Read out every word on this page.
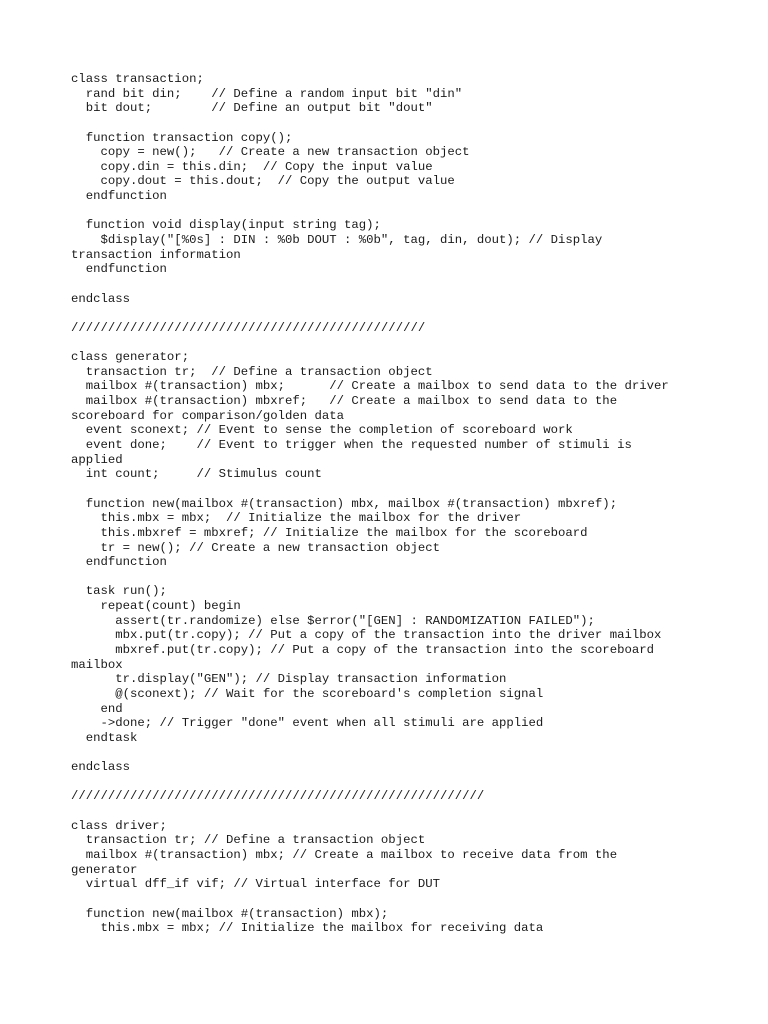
class transaction;
rand bit din;    // Define a random input bit "din"
bit dout;        // Define an output bit "dout"
function transaction copy();
copy = new();   // Create a new transaction object
copy.din = this.din;  // Copy the input value
copy.dout = this.dout;  // Copy the output value
endfunction
function void display(input string tag);
$display("[%0s] : DIN : %0b DOUT : %0b", tag, din, dout); // Display
transaction information
endfunction
endclass
////////////////////////////////////////////////
class generator;
transaction tr;  // Define a transaction object
mailbox #(transaction) mbx;      // Create a mailbox to send data to the driver
mailbox #(transaction) mbxref;   // Create a mailbox to send data to the
scoreboard for comparison/golden data
event sconext; // Event to sense the completion of scoreboard work
event done;    // Event to trigger when the requested number of stimuli is
applied
int count;     // Stimulus count
function new(mailbox #(transaction) mbx, mailbox #(transaction) mbxref);
this.mbx = mbx;  // Initialize the mailbox for the driver
this.mbxref = mbxref; // Initialize the mailbox for the scoreboard
tr = new(); // Create a new transaction object
endfunction
task run();
repeat(count) begin
assert(tr.randomize) else $error("[GEN] : RANDOMIZATION FAILED");
mbx.put(tr.copy); // Put a copy of the transaction into the driver mailbox
mbxref.put(tr.copy); // Put a copy of the transaction into the scoreboard
mailbox
tr.display("GEN"); // Display transaction information
@(sconext); // Wait for the scoreboard's completion signal
end
->done; // Trigger "done" event when all stimuli are applied
endtask
endclass
////////////////////////////////////////////////////////
class driver;
transaction tr; // Define a transaction object
mailbox #(transaction) mbx; // Create a mailbox to receive data from the
generator
virtual dff_if vif; // Virtual interface for DUT
function new(mailbox #(transaction) mbx);
this.mbx = mbx; // Initialize the mailbox for receiving data
